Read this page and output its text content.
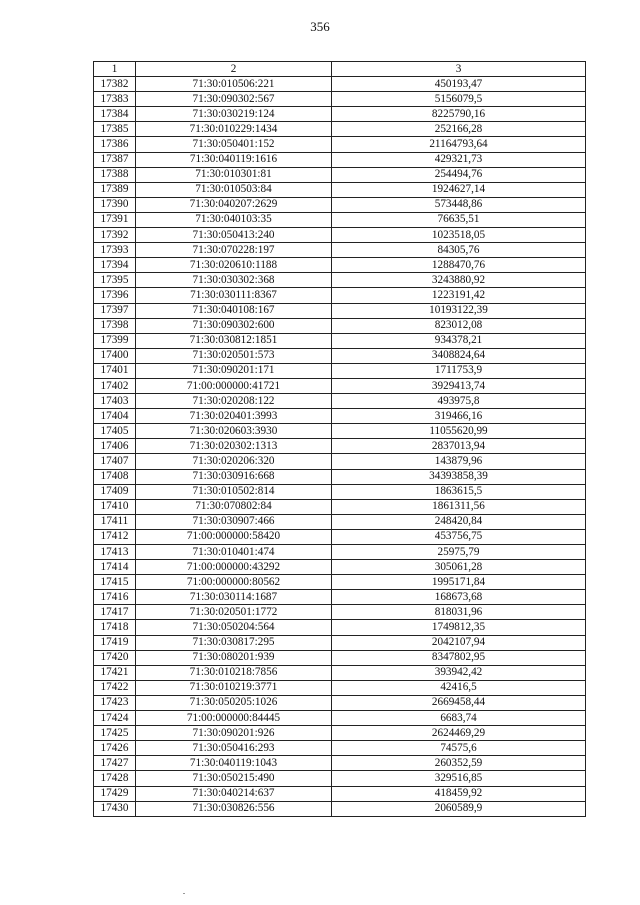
356
1	2	3
17382	71:30:010506:221	450193,47
17383	71:30:090302:567	5156079,5
17384	71:30:030219:124	8225790,16
17385	71:30:010229:1434	252166,28
17386	71:30:050401:152	21164793,64
17387	71:30:040119:1616	429321,73
17388	71:30:010301:81	254494,76
17389	71:30:010503:84	1924627,14
17390	71:30:040207:2629	573448,86
17391	71:30:040103:35	76635,51
17392	71:30:050413:240	1023518,05
17393	71:30:070228:197	84305,76
17394	71:30:020610:1188	1288470,76
17395	71:30:030302:368	3243880,92
17396	71:30:030111:8367	1223191,42
17397	71:30:040108:167	10193122,39
17398	71:30:090302:600	823012,08
17399	71:30:030812:1851	934378,21
17400	71:30:020501:573	3408824,64
17401	71:30:090201:171	1711753,9
17402	71:00:000000:41721	3929413,74
17403	71:30:020208:122	493975,8
17404	71:30:020401:3993	319466,16
17405	71:30:020603:3930	11055620,99
17406	71:30:020302:1313	2837013,94
17407	71:30:020206:320	143879,96
17408	71:30:030916:668	34393858,39
17409	71:30:010502:814	1863615,5
17410	71:30:070802:84	1861311,56
17411	71:30:030907:466	248420,84
17412	71:00:000000:58420	453756,75
17413	71:30:010401:474	25975,79
17414	71:00:000000:43292	305061,28
17415	71:00:000000:80562	1995171,84
17416	71:30:030114:1687	168673,68
17417	71:30:020501:1772	818031,96
17418	71:30:050204:564	1749812,35
17419	71:30:030817:295	2042107,94
17420	71:30:080201:939	8347802,95
17421	71:30:010218:7856	393942,42
17422	71:30:010219:3771	42416,5
17423	71:30:050205:1026	2669458,44
17424	71:00:000000:84445	6683,74
17425	71:30:090201:926	2624469,29
17426	71:30:050416:293	74575,6
17427	71:30:040119:1043	260352,59
17428	71:30:050215:490	329516,85
17429	71:30:040214:637	418459,92
17430	71:30:030826:556	2060589,9
